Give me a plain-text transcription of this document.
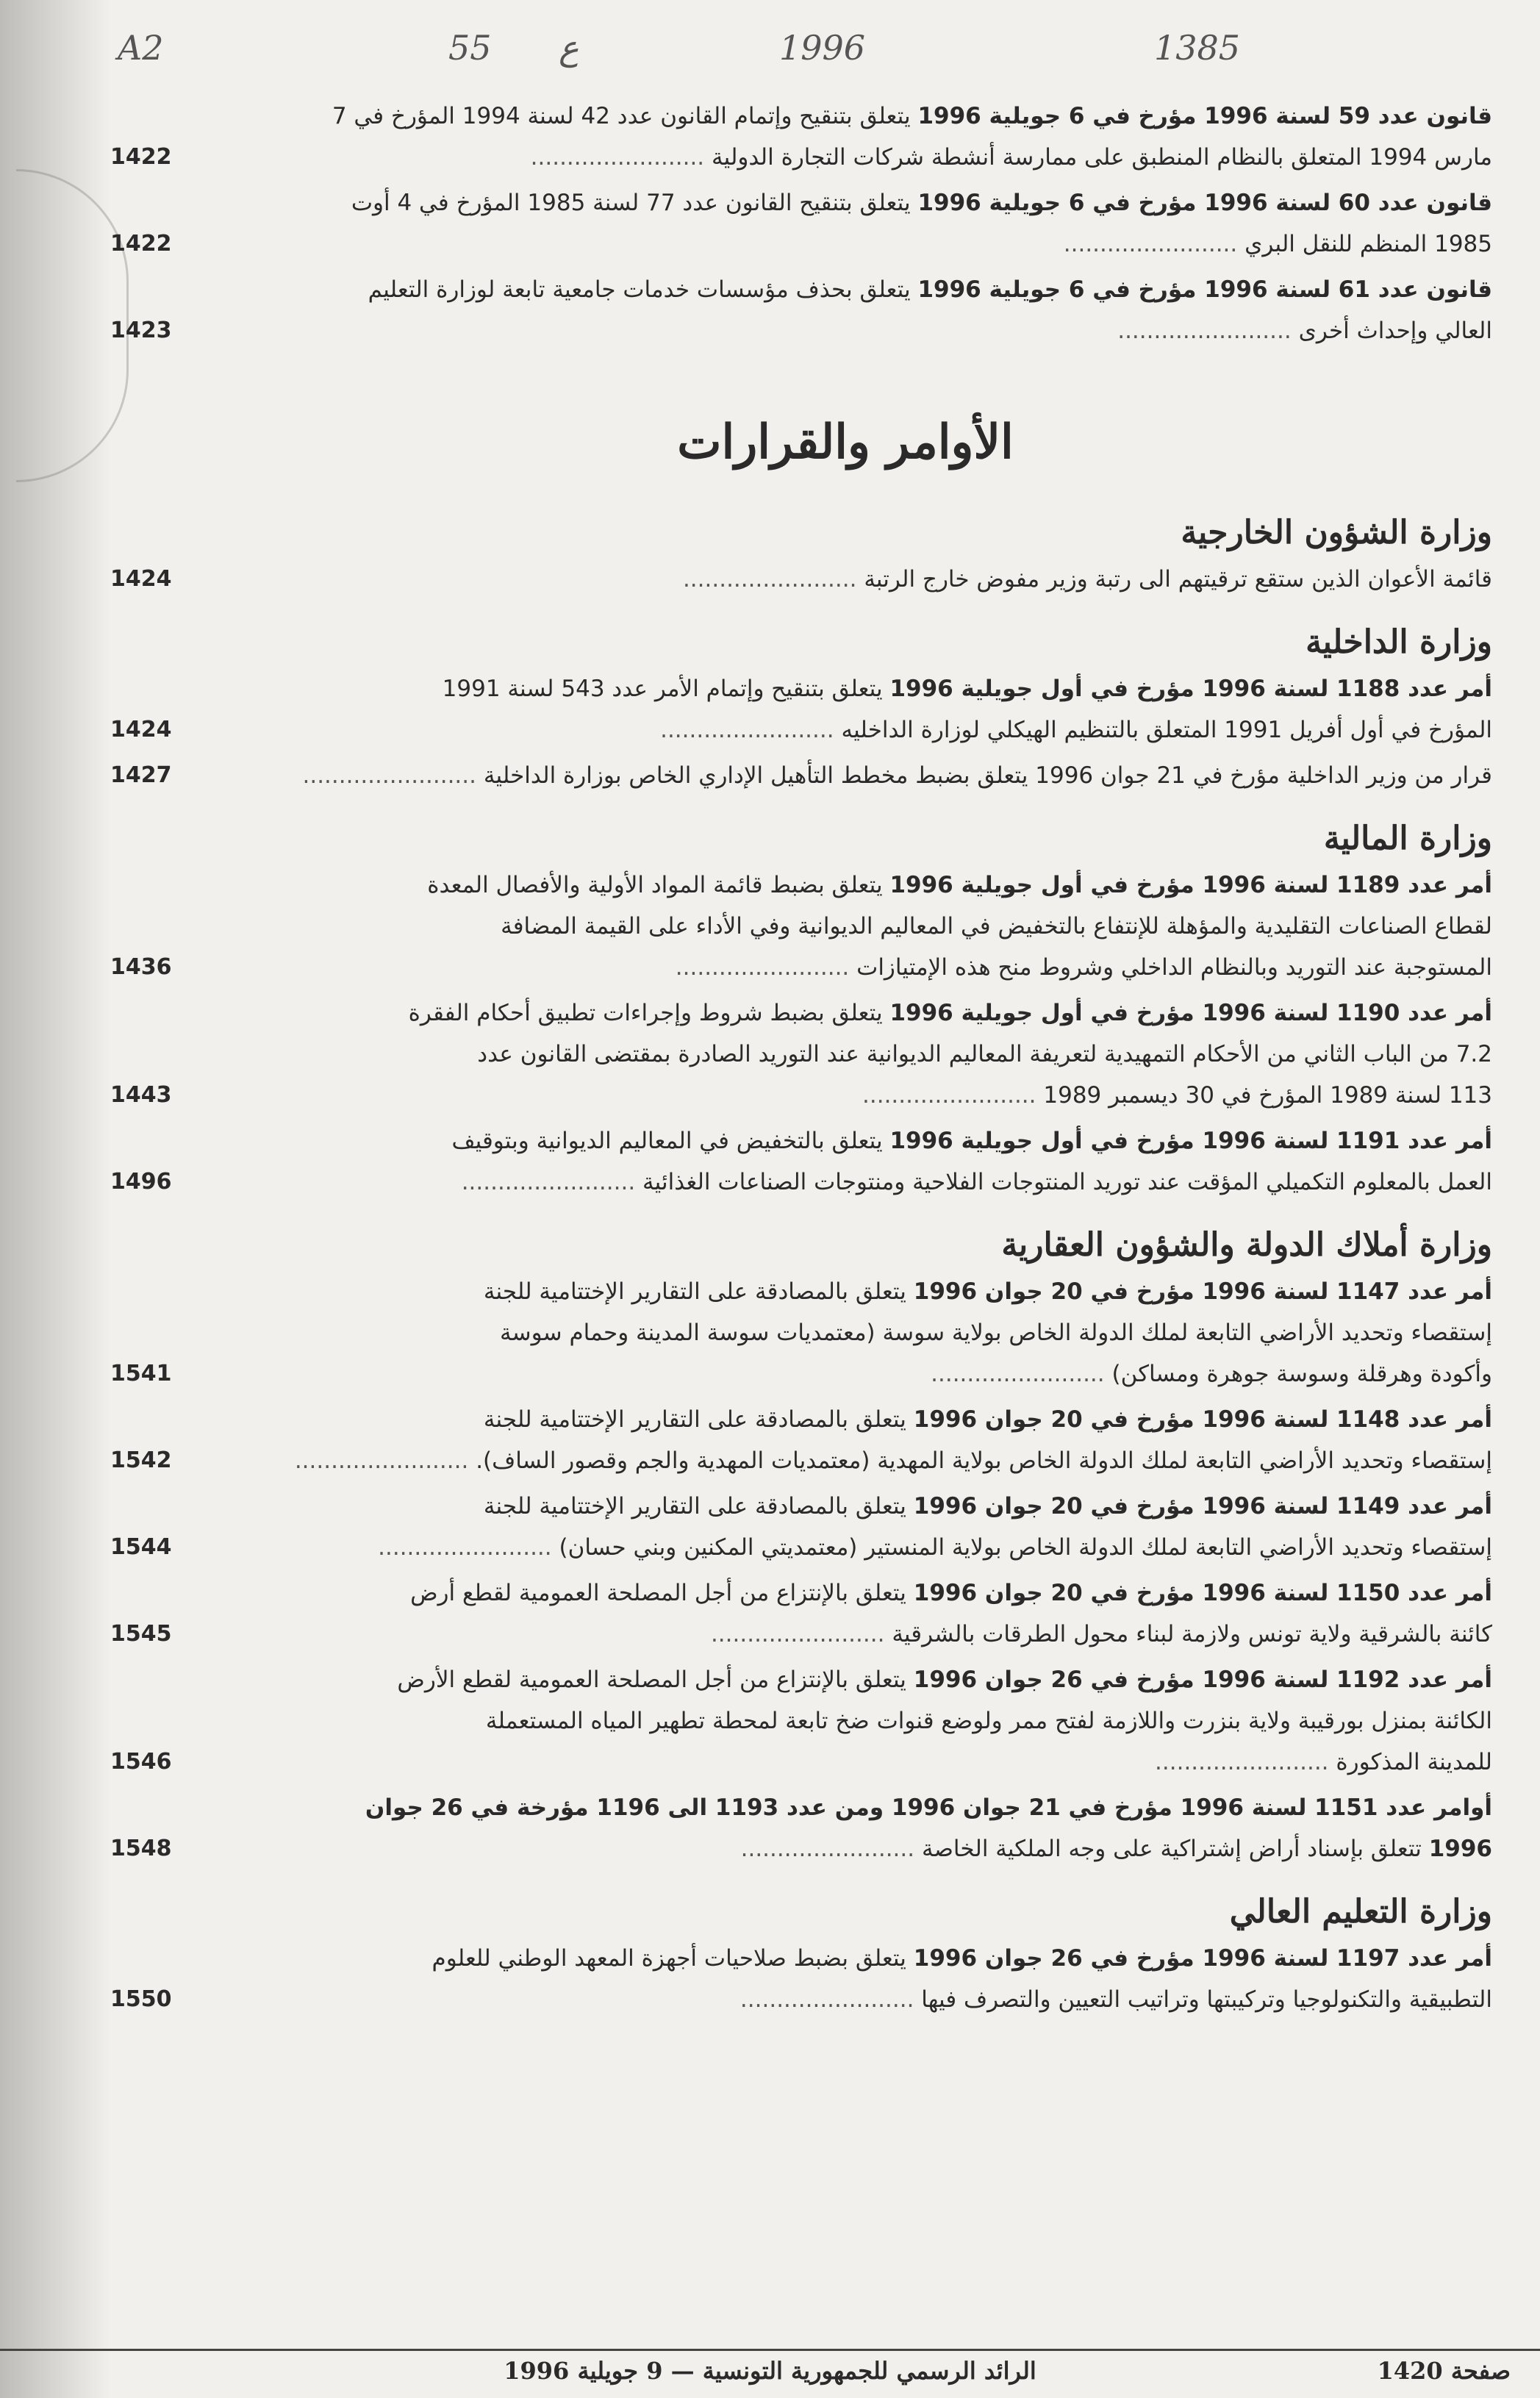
A2	55 ع	1996	1385
قانون عدد 59 لسنة 1996 مؤرخ في 6 جويلية 1996 يتعلق بتنقيح وإتمام القانون عدد 42 لسنة 1994 المؤرخ في 7
مارس 1994 المتعلق بالنظام المنطبق على ممارسة أنشطة شركات التجارة الدولية ........................
1422
قانون عدد 60 لسنة 1996 مؤرخ في 6 جويلية 1996 يتعلق بتنقيح القانون عدد 77 لسنة 1985 المؤرخ في 4 أوت
1985 المنظم للنقل البري ........................
1422
قانون عدد 61 لسنة 1996 مؤرخ في 6 جويلية 1996 يتعلق بحذف مؤسسات خدمات جامعية تابعة لوزارة التعليم
العالي وإحداث أخرى ........................
1423
الأوامر والقرارات
وزارة الشؤون الخارجية
قائمة الأعوان الذين ستقع ترقيتهم الى رتبة وزير مفوض خارج الرتبة ........................
1424
وزارة الداخلية
أمر عدد 1188 لسنة 1996 مؤرخ في أول جويلية 1996 يتعلق بتنقيح وإتمام الأمر عدد 543 لسنة 1991
المؤرخ في أول أفريل 1991 المتعلق بالتنظيم الهيكلي لوزارة الداخليه ........................
1424
قرار من وزير الداخلية مؤرخ في 21 جوان 1996 يتعلق بضبط مخطط التأهيل الإداري الخاص بوزارة الداخلية ........................
1427
وزارة المالية
أمر عدد 1189 لسنة 1996 مؤرخ في أول جويلية 1996 يتعلق بضبط قائمة المواد الأولية والأفصال المعدة
لقطاع الصناعات التقليدية والمؤهلة للإنتفاع بالتخفيض في المعاليم الديوانية وفي الأداء على القيمة المضافة
المستوجبة عند التوريد وبالنظام الداخلي وشروط منح هذه الإمتيازات ........................
1436
أمر عدد 1190 لسنة 1996 مؤرخ في أول جويلية 1996 يتعلق بضبط شروط وإجراءات تطبيق أحكام الفقرة
7.2 من الباب الثاني من الأحكام التمهيدية لتعريفة المعاليم الديوانية عند التوريد الصادرة بمقتضى القانون عدد
113 لسنة 1989 المؤرخ في 30 ديسمبر 1989 ........................
1443
أمر عدد 1191 لسنة 1996 مؤرخ في أول جويلية 1996 يتعلق بالتخفيض في المعاليم الديوانية وبتوقيف
العمل بالمعلوم التكميلي المؤقت عند توريد المنتوجات الفلاحية ومنتوجات الصناعات الغذائية ........................
1496
وزارة أملاك الدولة والشؤون العقارية
أمر عدد 1147 لسنة 1996 مؤرخ في 20 جوان 1996 يتعلق بالمصادقة على التقارير الإختتامية للجنة
إستقصاء وتحديد الأراضي التابعة لملك الدولة الخاص بولاية سوسة (معتمديات سوسة المدينة وحمام سوسة
وأكودة وهرقلة وسوسة جوهرة ومساكن) ........................
1541
أمر عدد 1148 لسنة 1996 مؤرخ في 20 جوان 1996 يتعلق بالمصادقة على التقارير الإختتامية للجنة
إستقصاء وتحديد الأراضي التابعة لملك الدولة الخاص بولاية المهدية (معتمديات المهدية والجم وقصور الساف). ........................
1542
أمر عدد 1149 لسنة 1996 مؤرخ في 20 جوان 1996 يتعلق بالمصادقة على التقارير الإختتامية للجنة
إستقصاء وتحديد الأراضي التابعة لملك الدولة الخاص بولاية المنستير (معتمديتي المكنين وبني حسان) ........................
1544
أمر عدد 1150 لسنة 1996 مؤرخ في 20 جوان 1996 يتعلق بالإنتزاع من أجل المصلحة العمومية لقطع أرض
كائنة بالشرقية ولاية تونس ولازمة لبناء محول الطرقات بالشرقية ........................
1545
أمر عدد 1192 لسنة 1996 مؤرخ في 26 جوان 1996 يتعلق بالإنتزاع من أجل المصلحة العمومية لقطع الأرض
الكائنة بمنزل بورقيبة ولاية بنزرت واللازمة لفتح ممر ولوضع قنوات ضخ تابعة لمحطة تطهير المياه المستعملة
للمدينة المذكورة ........................
1546
أوامر عدد 1151 لسنة 1996 مؤرخ في 21 جوان 1996 ومن عدد 1193 الى 1196 مؤرخة في 26 جوان
1996 تتعلق بإسناد أراض إشتراكية على وجه الملكية الخاصة ........................
1548
وزارة التعليم العالي
أمر عدد 1197 لسنة 1996 مؤرخ في 26 جوان 1996 يتعلق بضبط صلاحيات أجهزة المعهد الوطني للعلوم
التطبيقية والتكنولوجيا وتركيبتها وتراتيب التعيين والتصرف فيها ........................
1550
صفحة 1420
الرائد الرسمي للجمهورية التونسية — 9 جويلية 1996
